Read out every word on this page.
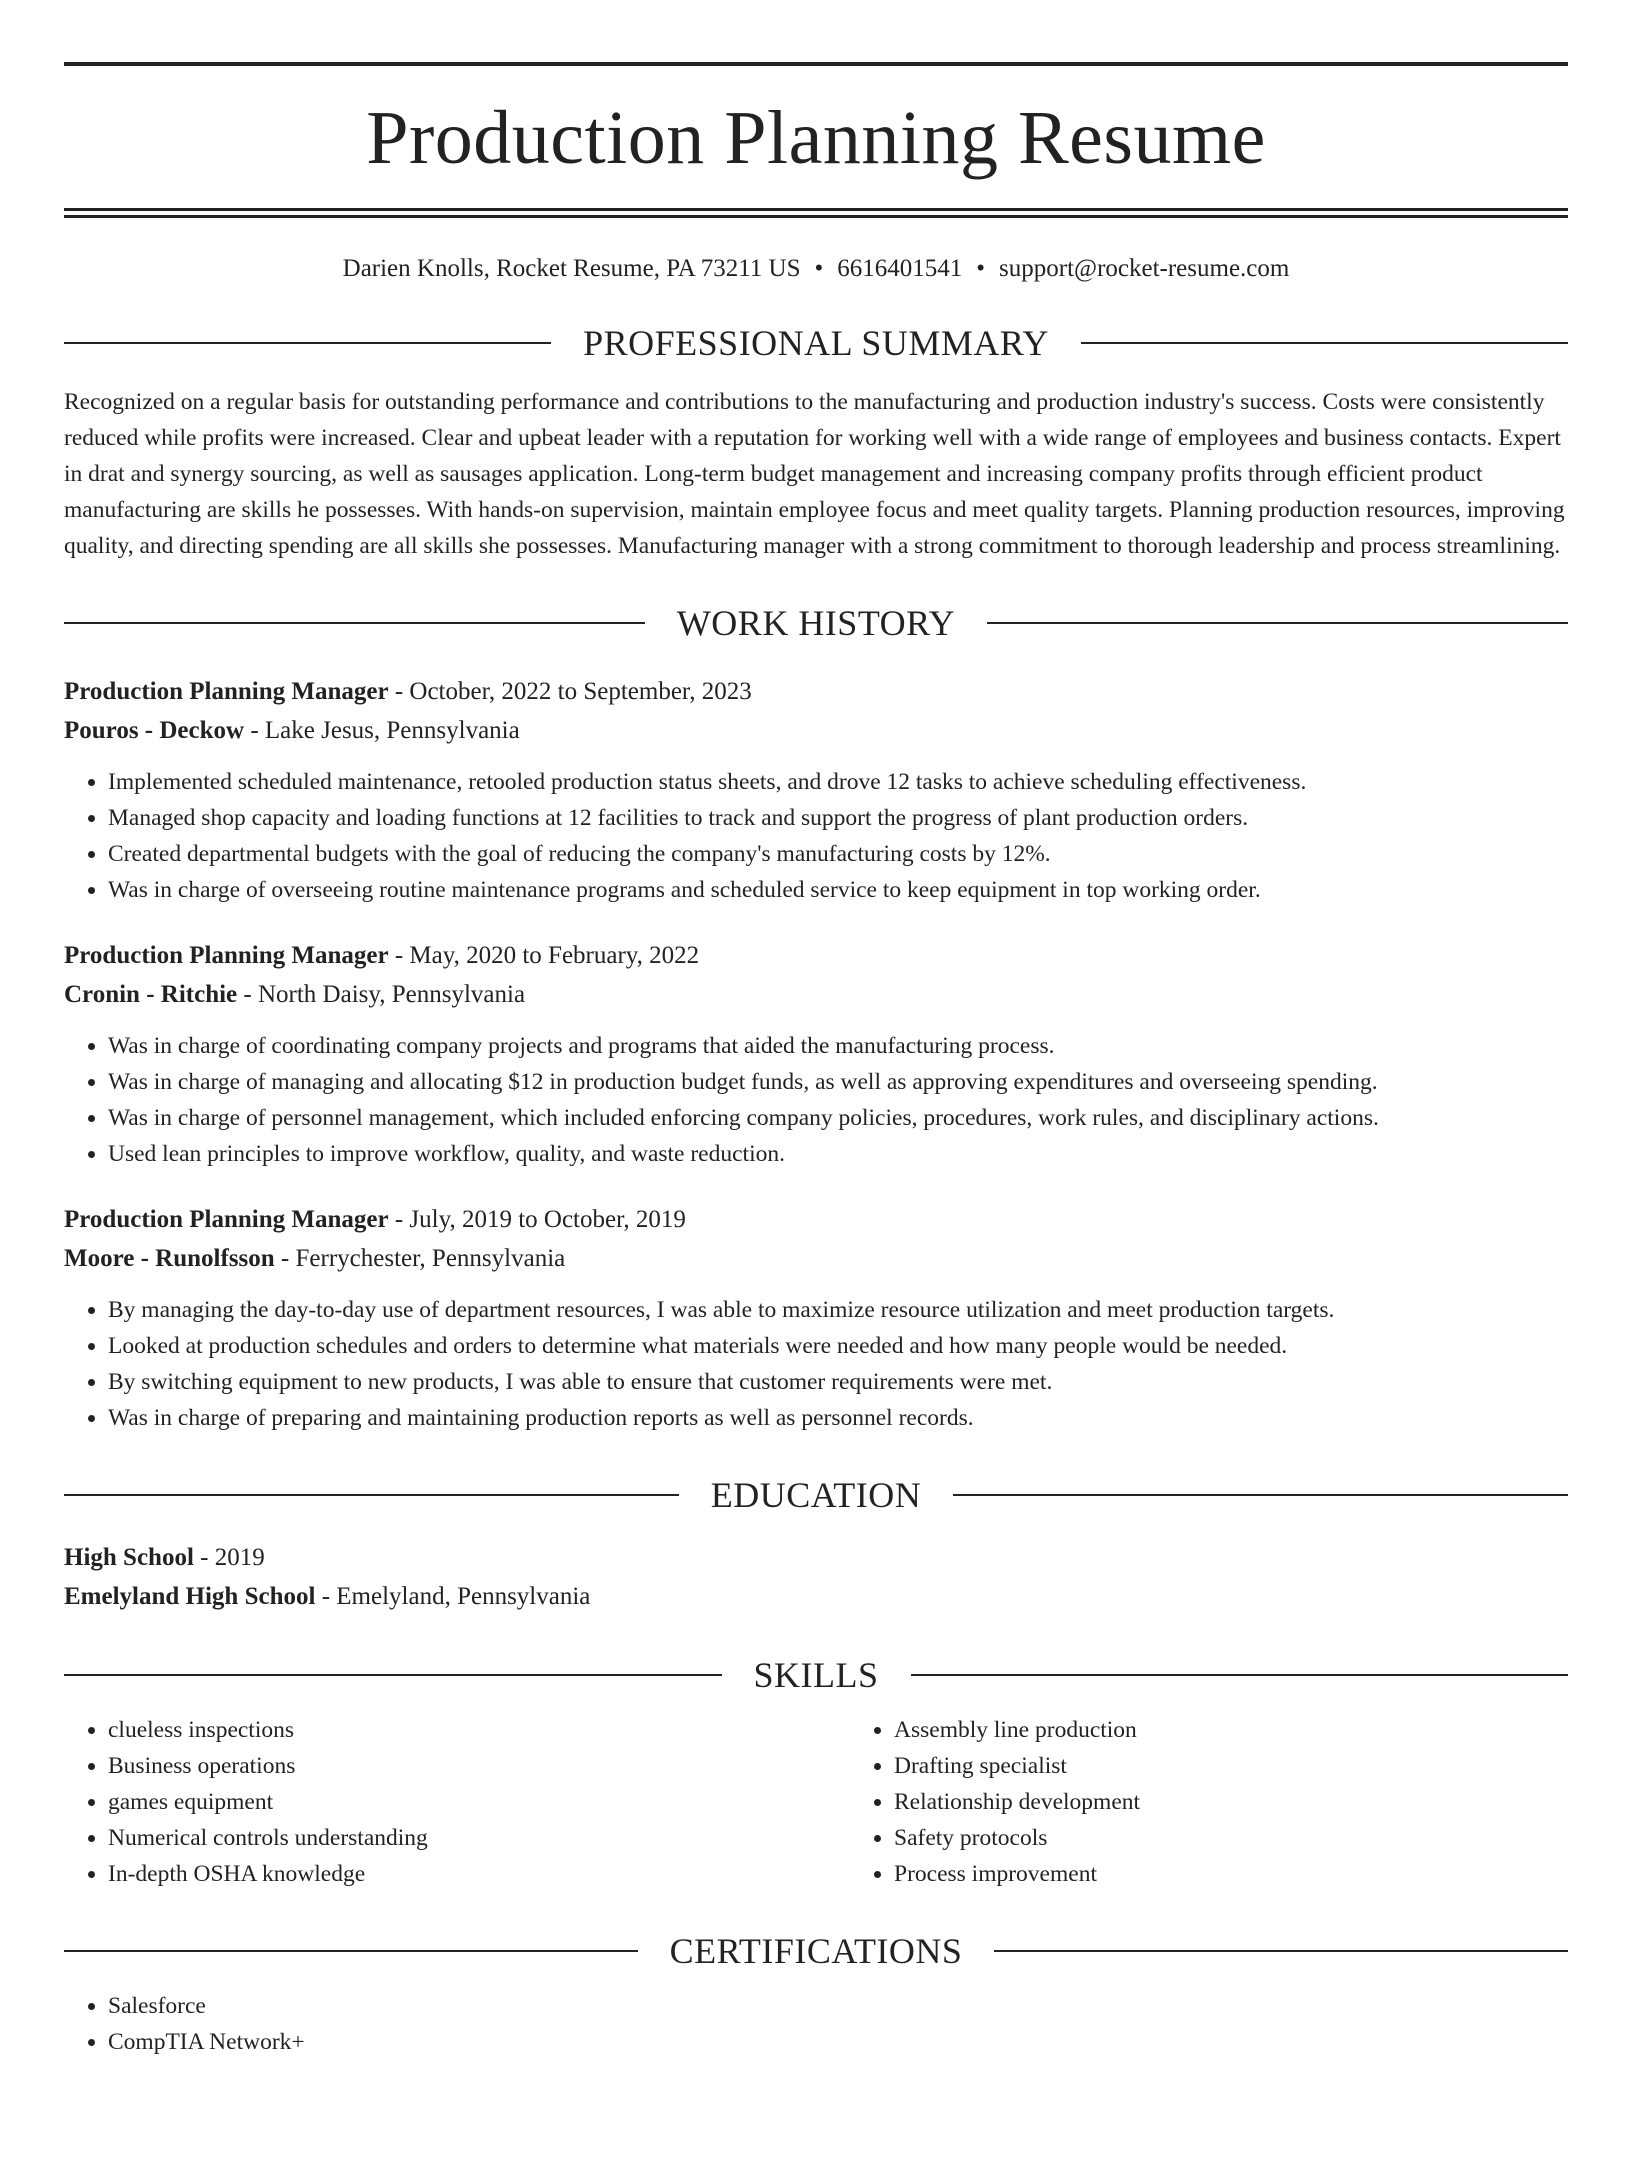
Production Planning Resume
Darien Knolls, Rocket Resume, PA 73211 US • 6616401541 • support@rocket-resume.com
PROFESSIONAL SUMMARY
Recognized on a regular basis for outstanding performance and contributions to the manufacturing and production industry's success. Costs were consistently reduced while profits were increased. Clear and upbeat leader with a reputation for working well with a wide range of employees and business contacts. Expert in drat and synergy sourcing, as well as sausages application. Long-term budget management and increasing company profits through efficient product manufacturing are skills he possesses. With hands-on supervision, maintain employee focus and meet quality targets. Planning production resources, improving quality, and directing spending are all skills she possesses. Manufacturing manager with a strong commitment to thorough leadership and process streamlining.
WORK HISTORY
Production Planning Manager - October, 2022 to September, 2023
Pouros - Deckow - Lake Jesus, Pennsylvania
• Implemented scheduled maintenance, retooled production status sheets, and drove 12 tasks to achieve scheduling effectiveness.
• Managed shop capacity and loading functions at 12 facilities to track and support the progress of plant production orders.
• Created departmental budgets with the goal of reducing the company's manufacturing costs by 12%.
• Was in charge of overseeing routine maintenance programs and scheduled service to keep equipment in top working order.
Production Planning Manager - May, 2020 to February, 2022
Cronin - Ritchie - North Daisy, Pennsylvania
• Was in charge of coordinating company projects and programs that aided the manufacturing process.
• Was in charge of managing and allocating $12 in production budget funds, as well as approving expenditures and overseeing spending.
• Was in charge of personnel management, which included enforcing company policies, procedures, work rules, and disciplinary actions.
• Used lean principles to improve workflow, quality, and waste reduction.
Production Planning Manager - July, 2019 to October, 2019
Moore - Runolfsson - Ferrychester, Pennsylvania
• By managing the day-to-day use of department resources, I was able to maximize resource utilization and meet production targets.
• Looked at production schedules and orders to determine what materials were needed and how many people would be needed.
• By switching equipment to new products, I was able to ensure that customer requirements were met.
• Was in charge of preparing and maintaining production reports as well as personnel records.
EDUCATION
High School - 2019
Emelyland High School - Emelyland, Pennsylvania
SKILLS
• clueless inspections
• Business operations
• games equipment
• Numerical controls understanding
• In-depth OSHA knowledge
• Assembly line production
• Drafting specialist
• Relationship development
• Safety protocols
• Process improvement
CERTIFICATIONS
• Salesforce
• CompTIA Network+
